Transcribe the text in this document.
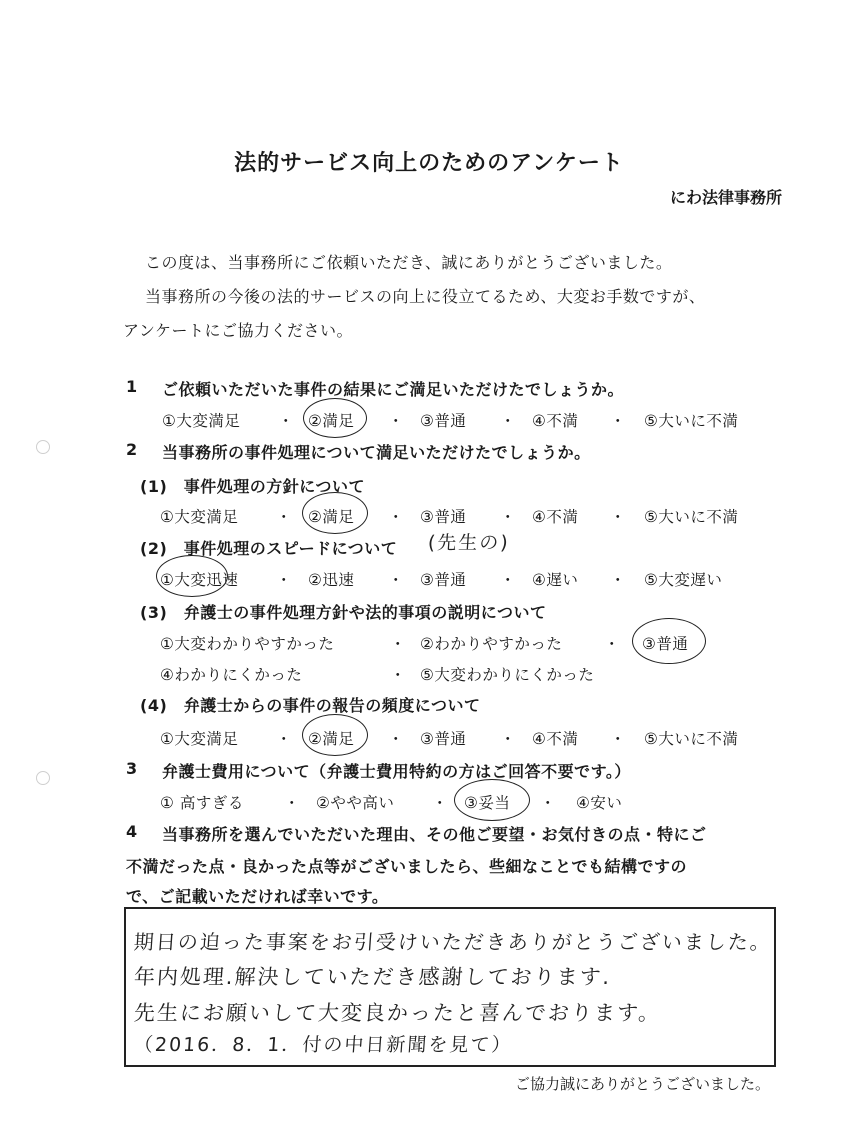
法的サービス向上のためのアンケート
にわ法律事務所
この度は、当事務所にご依頼いただき、誠にありがとうございました。
当事務所の今後の法的サービスの向上に役立てるため、大変お手数ですが、
アンケートにご協力ください。
1 ご依頼いただいた事件の結果にご満足いただけたでしょうか。
①大変満足 ・ ②満足 ・ ③普通 ・ ④不満 ・ ⑤大いに不満
2 当事務所の事件処理について満足いただけたでしょうか。
(1)　事件処理の方針について
①大変満足 ・ ②満足 ・ ③普通 ・ ④不満 ・ ⑤大いに不満
(2)　事件処理のスピードについて (先生の)
①大変迅速 ・ ②迅速 ・ ③普通 ・ ④遅い ・ ⑤大変遅い
(3)　弁護士の事件処理方針や法的事項の説明について
①大変わかりやすかった	・ ②わかりやすかった	・ ③普通
④わかりにくかった	・ ⑤大変わかりにくかった
(4)　弁護士からの事件の報告の頻度について
①大変満足 ・ ②満足 ・ ③普通 ・ ④不満 ・ ⑤大いに不満
3 弁護士費用について（弁護士費用特約の方はご回答不要です。）
① 高すぎる	・ ②やや高い ・ ③妥当 ・ ④安い
4 当事務所を選んでいただいた理由、その他ご要望・お気付きの点・特にご
不満だった点・良かった点等がございましたら、些細なことでも結構ですの
で、ご記載いただければ幸いです。
期日の迫った事案をお引受けいただきありがとうございました。
年内処理.解決していただき感謝しております.
先生にお願いして大変良かったと喜んでおります。
（2016．8．1．付の中日新聞を見て）
ご協力誠にありがとうございました。
